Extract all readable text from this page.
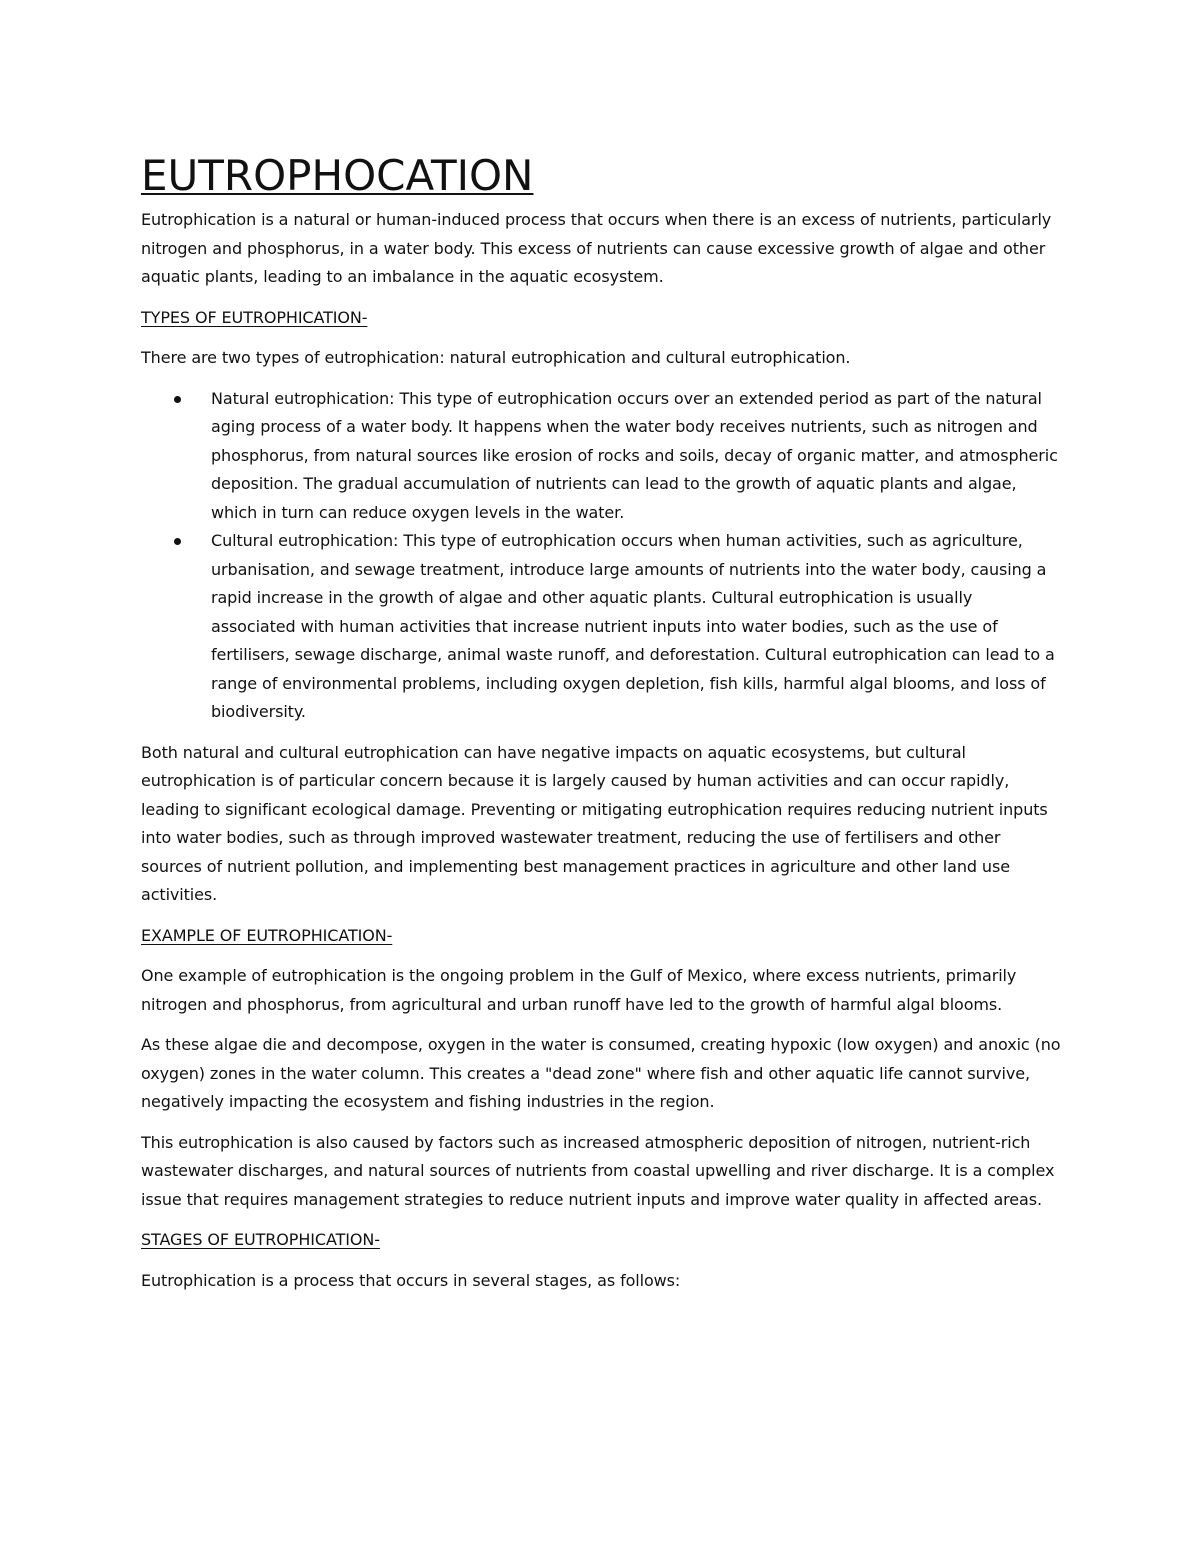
EUTROPHOCATION

Eutrophication is a natural or human-induced process that occurs when there is an excess of nutrients, particularly nitrogen and phosphorus, in a water body. This excess of nutrients can cause excessive growth of algae and other aquatic plants, leading to an imbalance in the aquatic ecosystem.

TYPES OF EUTROPHICATION-

There are two types of eutrophication: natural eutrophication and cultural eutrophication.

Natural eutrophication: This type of eutrophication occurs over an extended period as part of the natural aging process of a water body. It happens when the water body receives nutrients, such as nitrogen and phosphorus, from natural sources like erosion of rocks and soils, decay of organic matter, and atmospheric deposition. The gradual accumulation of nutrients can lead to the growth of aquatic plants and algae, which in turn can reduce oxygen levels in the water.
Cultural eutrophication: This type of eutrophication occurs when human activities, such as agriculture, urbanisation, and sewage treatment, introduce large amounts of nutrients into the water body, causing a rapid increase in the growth of algae and other aquatic plants. Cultural eutrophication is usually associated with human activities that increase nutrient inputs into water bodies, such as the use of fertilisers, sewage discharge, animal waste runoff, and deforestation. Cultural eutrophication can lead to a range of environmental problems, including oxygen depletion, fish kills, harmful algal blooms, and loss of biodiversity.

Both natural and cultural eutrophication can have negative impacts on aquatic ecosystems, but cultural eutrophication is of particular concern because it is largely caused by human activities and can occur rapidly, leading to significant ecological damage. Preventing or mitigating eutrophication requires reducing nutrient inputs into water bodies, such as through improved wastewater treatment, reducing the use of fertilisers and other sources of nutrient pollution, and implementing best management practices in agriculture and other land use activities.

EXAMPLE OF EUTROPHICATION-

One example of eutrophication is the ongoing problem in the Gulf of Mexico, where excess nutrients, primarily nitrogen and phosphorus, from agricultural and urban runoff have led to the growth of harmful algal blooms.

As these algae die and decompose, oxygen in the water is consumed, creating hypoxic (low oxygen) and anoxic (no oxygen) zones in the water column. This creates a "dead zone" where fish and other aquatic life cannot survive, negatively impacting the ecosystem and fishing industries in the region.

This eutrophication is also caused by factors such as increased atmospheric deposition of nitrogen, nutrient-rich wastewater discharges, and natural sources of nutrients from coastal upwelling and river discharge. It is a complex issue that requires management strategies to reduce nutrient inputs and improve water quality in affected areas.

STAGES OF EUTROPHICATION-

Eutrophication is a process that occurs in several stages, as follows:
